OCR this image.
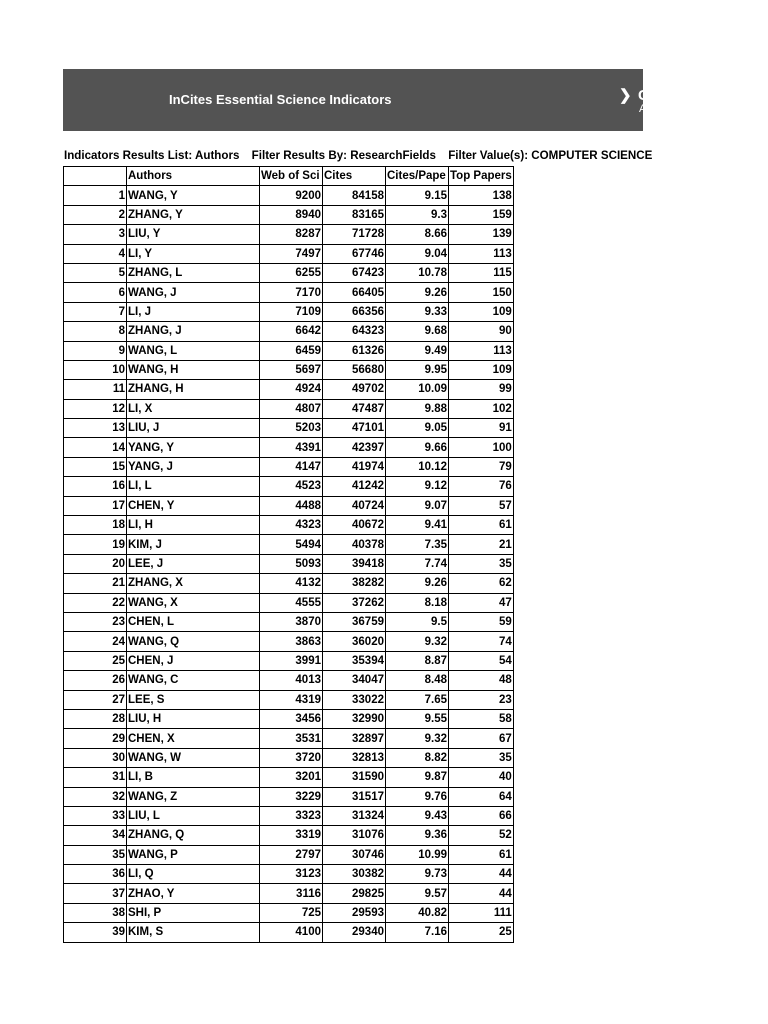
InCites Essential Science Indicators	❯ C
A
Indicators Results List: Authors Filter Results By: ResearchFields Filter Value(s): COMPUTER SCIENCE
	Authors	Web of Sci	Cites	Cites/Pape	Top Papers
1	WANG, Y	9200	84158	9.15	138
2	ZHANG, Y	8940	83165	9.3	159
3	LIU, Y	8287	71728	8.66	139
4	LI, Y	7497	67746	9.04	113
5	ZHANG, L	6255	67423	10.78	115
6	WANG, J	7170	66405	9.26	150
7	LI, J	7109	66356	9.33	109
8	ZHANG, J	6642	64323	9.68	90
9	WANG, L	6459	61326	9.49	113
10	WANG, H	5697	56680	9.95	109
11	ZHANG, H	4924	49702	10.09	99
12	LI, X	4807	47487	9.88	102
13	LIU, J	5203	47101	9.05	91
14	YANG, Y	4391	42397	9.66	100
15	YANG, J	4147	41974	10.12	79
16	LI, L	4523	41242	9.12	76
17	CHEN, Y	4488	40724	9.07	57
18	LI, H	4323	40672	9.41	61
19	KIM, J	5494	40378	7.35	21
20	LEE, J	5093	39418	7.74	35
21	ZHANG, X	4132	38282	9.26	62
22	WANG, X	4555	37262	8.18	47
23	CHEN, L	3870	36759	9.5	59
24	WANG, Q	3863	36020	9.32	74
25	CHEN, J	3991	35394	8.87	54
26	WANG, C	4013	34047	8.48	48
27	LEE, S	4319	33022	7.65	23
28	LIU, H	3456	32990	9.55	58
29	CHEN, X	3531	32897	9.32	67
30	WANG, W	3720	32813	8.82	35
31	LI, B	3201	31590	9.87	40
32	WANG, Z	3229	31517	9.76	64
33	LIU, L	3323	31324	9.43	66
34	ZHANG, Q	3319	31076	9.36	52
35	WANG, P	2797	30746	10.99	61
36	LI, Q	3123	30382	9.73	44
37	ZHAO, Y	3116	29825	9.57	44
38	SHI, P	725	29593	40.82	111
39	KIM, S	4100	29340	7.16	25
